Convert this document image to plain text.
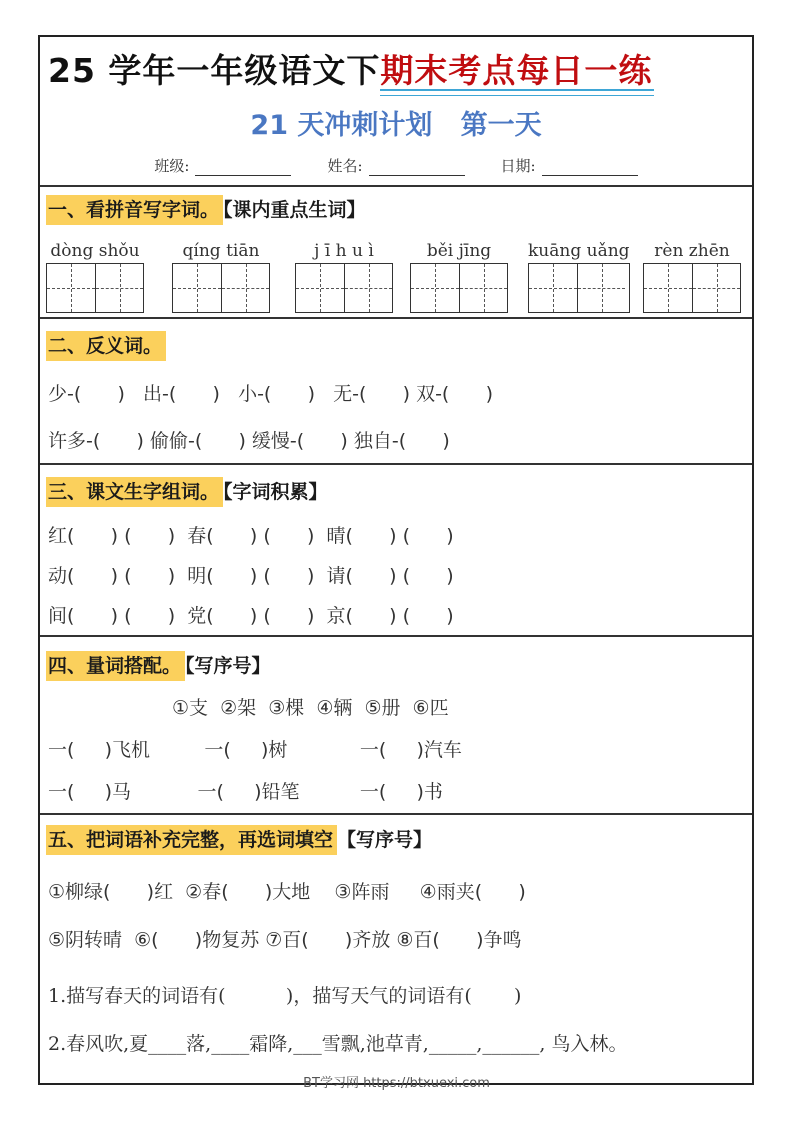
25 学年一年级语文下期末考点每日一练
21 天冲刺计划   第一天
班级:	姓名:	日期:
一、看拼音写字词。 【课内重点生词】
dòng shǒu	qíng tiān	j ī h u ì	běi jīng	kuāng uǎng	rèn zhēn
二、反义词。
少-(      )   出-(      )   小-(      )   无-(      ) 双-(      )
许多-(      ) 偷偷-(      ) 缓慢-(      ) 独自-(      )
三、课文生字组词。 【字词积累】
红(      ) (      )  春(      ) (      )  晴(      ) (      )
动(      ) (      )  明(      ) (      )  请(      ) (      )
间(      ) (      )  党(      ) (      )  京(      ) (      )
四、量词搭配。 【写序号】
①支  ②架  ③棵  ④辆  ⑤册  ⑥匹
一(     )飞机         一(     )树            一(     )汽车
一(     )马           一(     )铅笔          一(     )书
五、把词语补充完整，再选词填空 【写序号】
①柳绿(      )红  ②春(      )大地    ③阵雨     ④雨夹(      )
⑤阴转晴  ⑥(      )物复苏 ⑦百(      )齐放 ⑧百(      )争鸣
1.描写春天的词语有(          )，描写天气的词语有(       )
2.春风吹,夏____落,____霜降,___雪飘,池草青,_____,______, 鸟入林。
BT学习网 https://btxuexi.com
